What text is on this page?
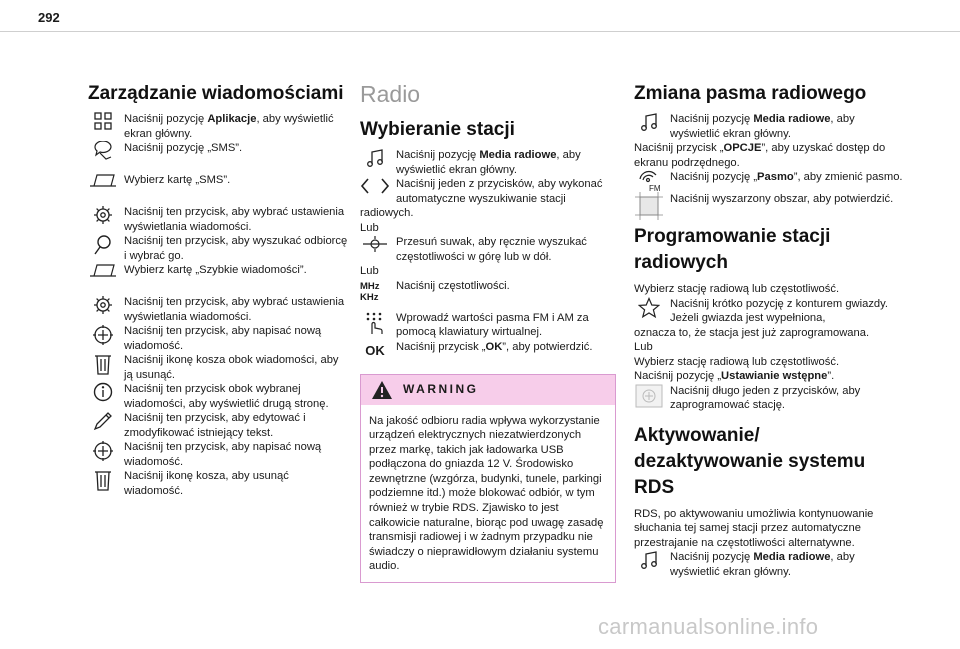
292
Zarządzanie wiadomościami

Naciśnij pozycję Aplikacje, aby wyświetlić ekran główny.

Naciśnij pozycję „SMS”.

Wybierz kartę „SMS”.

Naciśnij ten przycisk, aby wybrać ustawienia wyświetlania wiadomości.

Naciśnij ten przycisk, aby wyszukać odbiorcę i wybrać go.

Wybierz kartę „Szybkie wiadomości”.

Naciśnij ten przycisk, aby wybrać ustawienia wyświetlania wiadomości.

Naciśnij ten przycisk, aby napisać nową wiadomość.

Naciśnij ikonę kosza obok wiadomości, aby ją usunąć.

Naciśnij ten przycisk obok wybranej wiadomości, aby wyświetlić drugą stronę.

Naciśnij ten przycisk, aby edytować i zmodyfikować istniejący tekst.

Naciśnij ten przycisk, aby napisać nową wiadomość.

Naciśnij ikonę kosza, aby usunąć wiadomość.

Radio
Wybieranie stacji

Naciśnij pozycję Media radiowe, aby wyświetlić ekran główny.

Naciśnij jeden z przycisków, aby wykonać automatyczne wyszukiwanie stacji

radiowych.

Lub

Przesuń suwak, aby ręcznie wyszukać częstotliwości w górę lub w dół.

Lub

MHz
KHz

Naciśnij częstotliwości.

Wprowadź wartości pasma FM i AM za pomocą klawiatury wirtualnej.

OK Naciśnij przycisk „OK”, aby potwierdzić.

WARNING
Na jakość odbioru radia wpływa wykorzystanie urządzeń elektrycznych niezatwierdzonych przez markę, takich jak ładowarka USB podłączona do gniazda 12 V. Środowisko zewnętrzne (wzgórza, budynki, tunele, parkingi podziemne itd.) może blokować odbiór, w tym również w trybie RDS. Zjawisko to jest całkowicie naturalne, biorąc pod uwagę zasadę transmisji radiowej i w żadnym przypadku nie świadczy o nieprawidłowym działaniu systemu audio.
Zmiana pasma radiowego

Naciśnij pozycję Media radiowe, aby wyświetlić ekran główny.

Naciśnij przycisk „OPCJE”, aby uzyskać dostęp do ekranu podrzędnego.

FM

Naciśnij pozycję „Pasmo”, aby zmienić pasmo.

Naciśnij wyszarzony obszar, aby potwierdzić.

Programowanie stacji radiowych

Wybierz stację radiową lub częstotliwość.

Naciśnij krótko pozycję z konturem gwiazdy. Jeżeli gwiazda jest wypełniona,

oznacza to, że stacja jest już zaprogramowana.

Lub

Wybierz stację radiową lub częstotliwość.

Naciśnij pozycję „Ustawianie wstępne”.

Naciśnij długo jeden z przycisków, aby zaprogramować stację.

Aktywowanie/ dezaktywowanie systemu RDS

RDS, po aktywowaniu umożliwia kontynuowanie słuchania tej samej stacji przez automatyczne przestrajanie na częstotliwości alternatywne.

Naciśnij pozycję Media radiowe, aby wyświetlić ekran główny.

carmanualsonline.info
